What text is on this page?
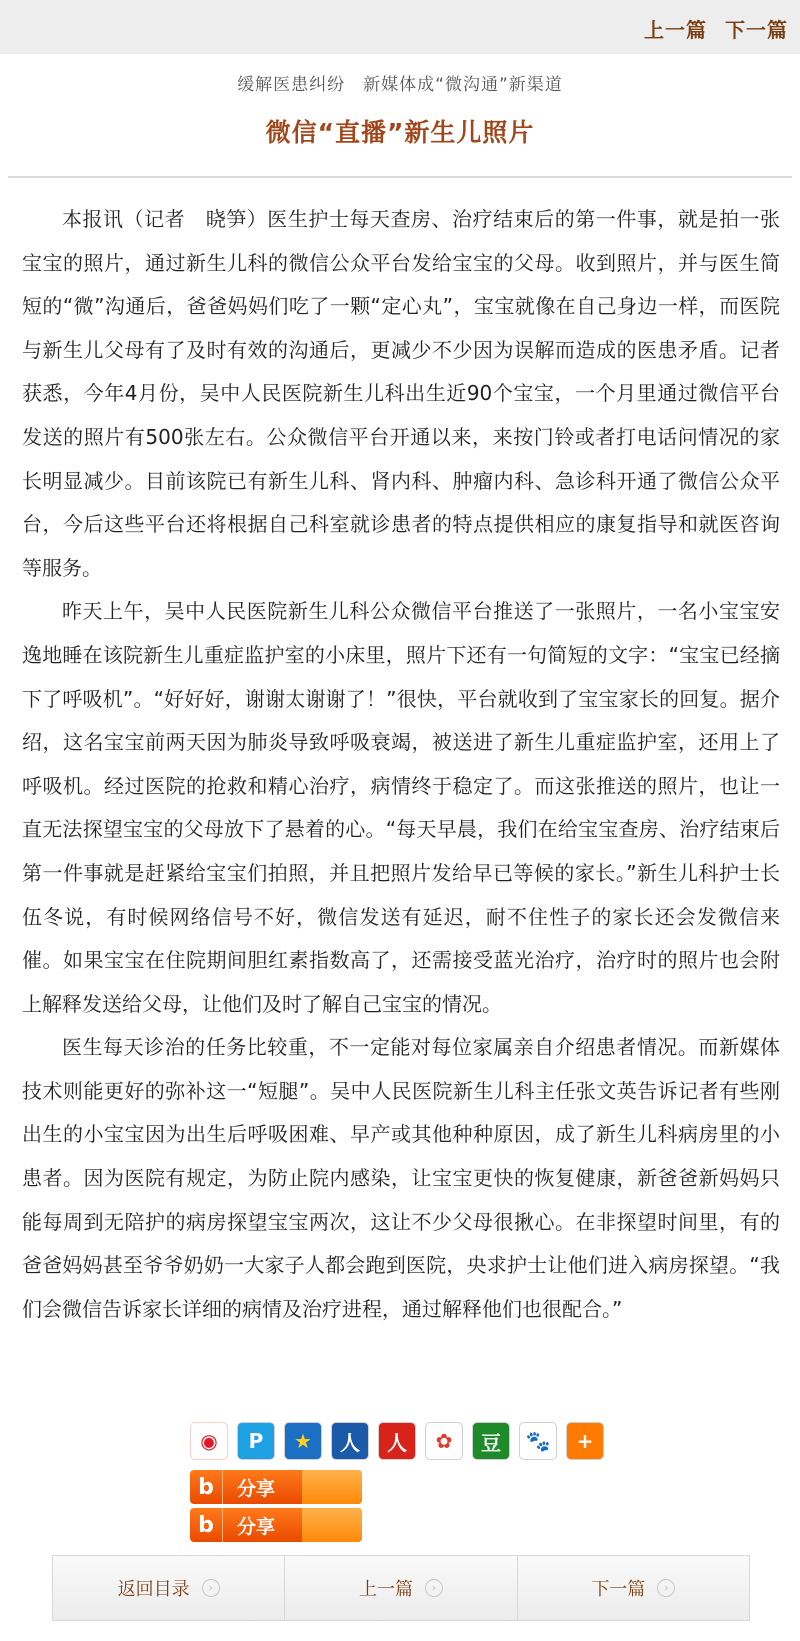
上一篇 下一篇
缓解医患纠纷　新媒体成“微沟通”新渠道
微信“直播”新生儿照片

本报讯（记者　晓笋）医生护士每天查房、治疗结束后的第一件事，就是拍一张宝宝的照片，通过新生儿科的微信公众平台发给宝宝的父母。收到照片，并与医生简短的“微”沟通后，爸爸妈妈们吃了一颗“定心丸”，宝宝就像在自己身边一样，而医院与新生儿父母有了及时有效的沟通后，更减少不少因为误解而造成的医患矛盾。记者获悉，今年4月份，吴中人民医院新生儿科出生近90个宝宝，一个月里通过微信平台发送的照片有500张左右。公众微信平台开通以来，来按门铃或者打电话问情况的家长明显减少。目前该院已有新生儿科、肾内科、肿瘤内科、急诊科开通了微信公众平台，今后这些平台还将根据自己科室就诊患者的特点提供相应的康复指导和就医咨询等服务。

昨天上午，吴中人民医院新生儿科公众微信平台推送了一张照片，一名小宝宝安逸地睡在该院新生儿重症监护室的小床里，照片下还有一句简短的文字：“宝宝已经摘下了呼吸机”。“好好好，谢谢太谢谢了！”很快，平台就收到了宝宝家长的回复。据介绍，这名宝宝前两天因为肺炎导致呼吸衰竭，被送进了新生儿重症监护室，还用上了呼吸机。经过医院的抢救和精心治疗，病情终于稳定了。而这张推送的照片，也让一直无法探望宝宝的父母放下了悬着的心。“每天早晨，我们在给宝宝查房、治疗结束后第一件事就是赶紧给宝宝们拍照，并且把照片发给早已等候的家长。”新生儿科护士长伍冬说，有时候网络信号不好，微信发送有延迟，耐不住性子的家长还会发微信来催。如果宝宝在住院期间胆红素指数高了，还需接受蓝光治疗，治疗时的照片也会附上解释发送给父母，让他们及时了解自己宝宝的情况。

医生每天诊治的任务比较重，不一定能对每位家属亲自介绍患者情况。而新媒体技术则能更好的弥补这一“短腿”。吴中人民医院新生儿科主任张文英告诉记者有些刚出生的小宝宝因为出生后呼吸困难、早产或其他种种原因，成了新生儿科病房里的小患者。因为医院有规定，为防止院内感染，让宝宝更快的恢复健康，新爸爸新妈妈只能每周到无陪护的病房探望宝宝两次，这让不少父母很揪心。在非探望时间里，有的爸爸妈妈甚至爷爷奶奶一大家子人都会跑到医院，央求护士让他们进入病房探望。“我们会微信告诉家长详细的病情及治疗进程，通过解释他们也很配合。”

◉	P	★	人	人	✿	豆	🐾	+
b	分享
b	分享
返回目录	›	上一篇	›	下一篇	›
